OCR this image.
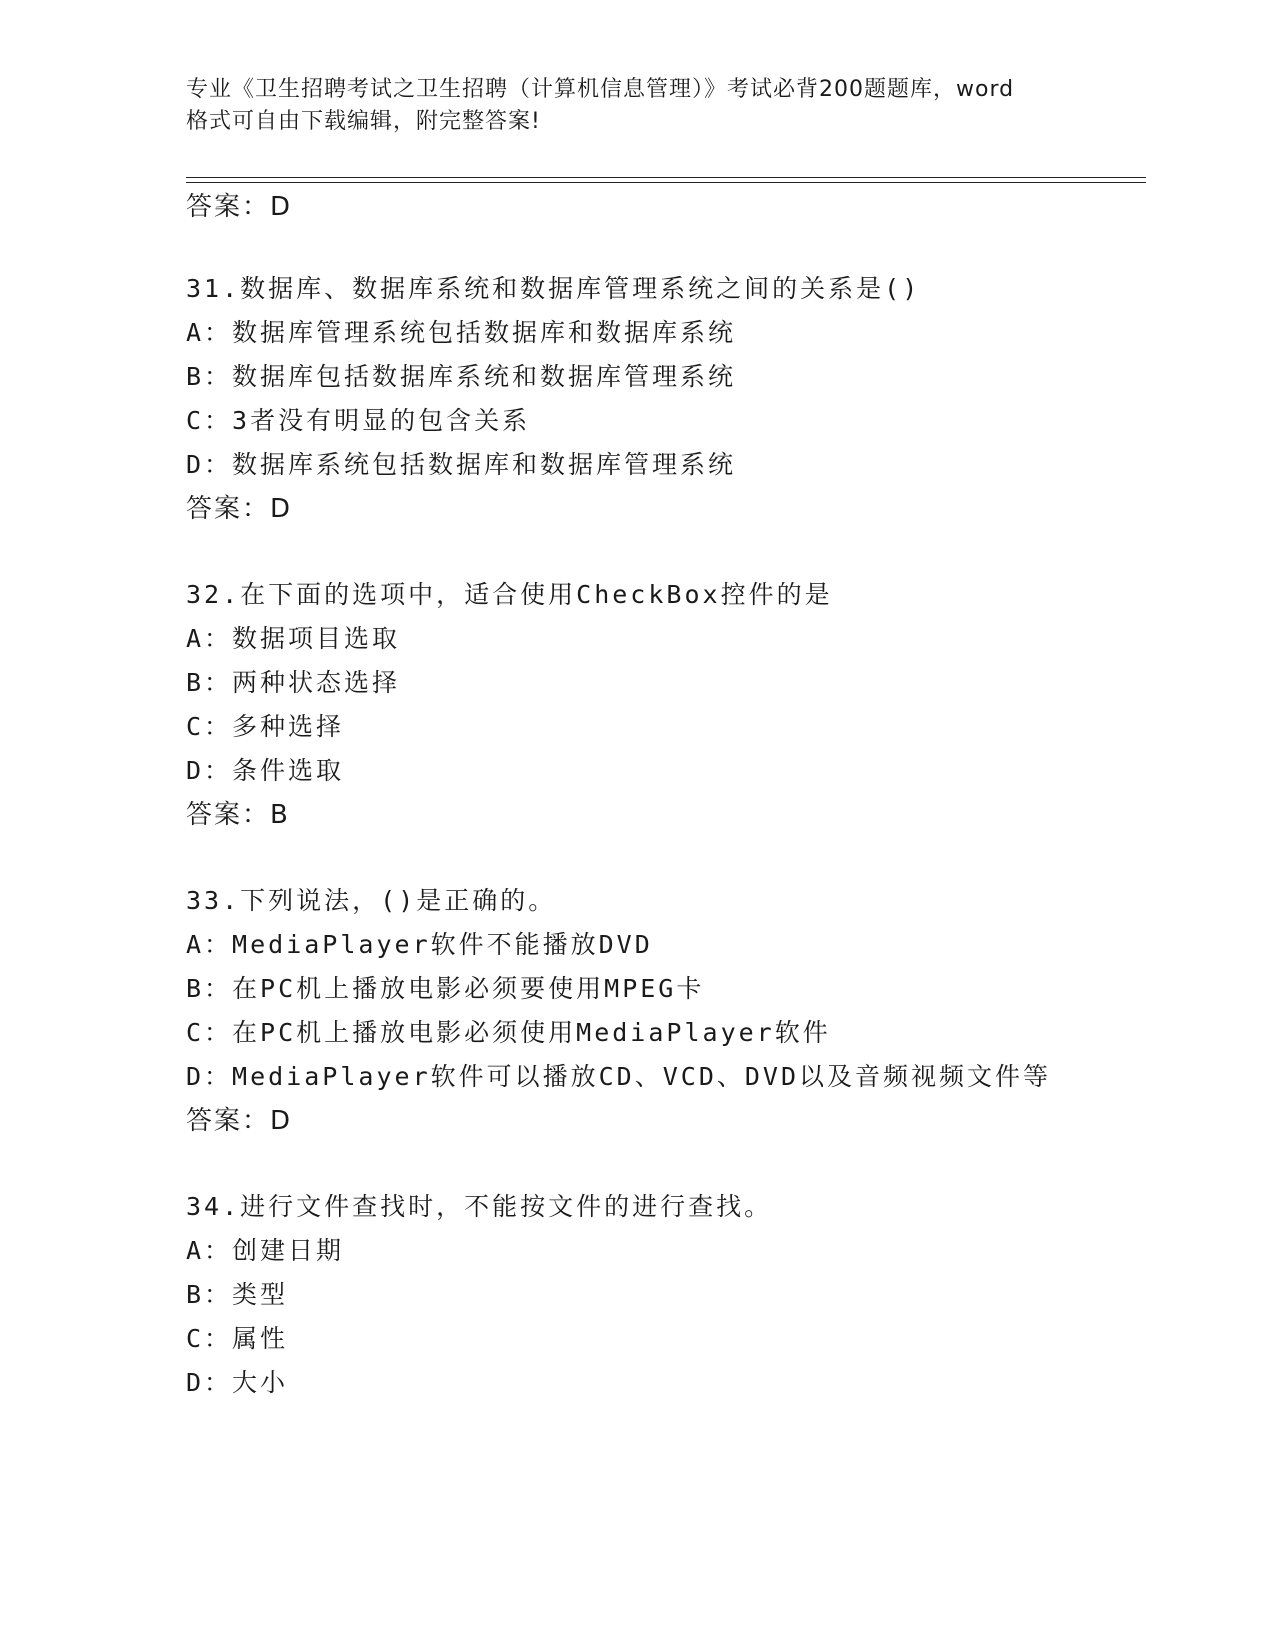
专业《卫生招聘考试之卫生招聘（计算机信息管理）》考试必背200题题库，word
格式可自由下载编辑，附完整答案!
答案：D
31.数据库、数据库系统和数据库管理系统之间的关系是()
A：数据库管理系统包括数据库和数据库系统
B：数据库包括数据库系统和数据库管理系统
C：3者没有明显的包含关系
D：数据库系统包括数据库和数据库管理系统
答案：D
32.在下面的选项中，适合使用CheckBox控件的是
A：数据项目选取
B：两种状态选择
C：多种选择
D：条件选取
答案：B
33.下列说法，()是正确的。
A：MediaPlayer软件不能播放DVD
B：在PC机上播放电影必须要使用MPEG卡
C：在PC机上播放电影必须使用MediaPlayer软件
D：MediaPlayer软件可以播放CD、VCD、DVD以及音频视频文件等
答案：D
34.进行文件查找时，不能按文件的进行查找。
A：创建日期
B：类型
C：属性
D：大小
